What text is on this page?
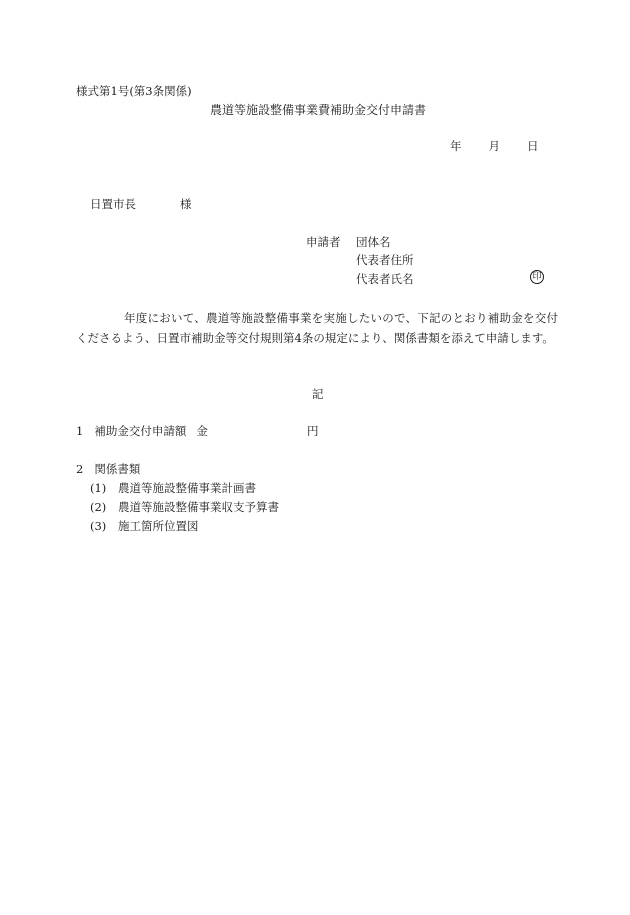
様式第1号(第3条関係)
農道等施設整備事業費補助金交付申請書
年 月 日
日置市長	様
申請者 団体名
代表者住所
代表者氏名	印
年度において、農道等施設整備事業を実施したいので、下記のとおり補助金を交付くださるよう、日置市補助金等交付規則第4条の規定により、関係書類を添えて申請します。
記
1 補助金交付申請額 金	円
2 関係書類
(1) 農道等施設整備事業計画書
(2) 農道等施設整備事業収支予算書
(3) 施工箇所位置図
